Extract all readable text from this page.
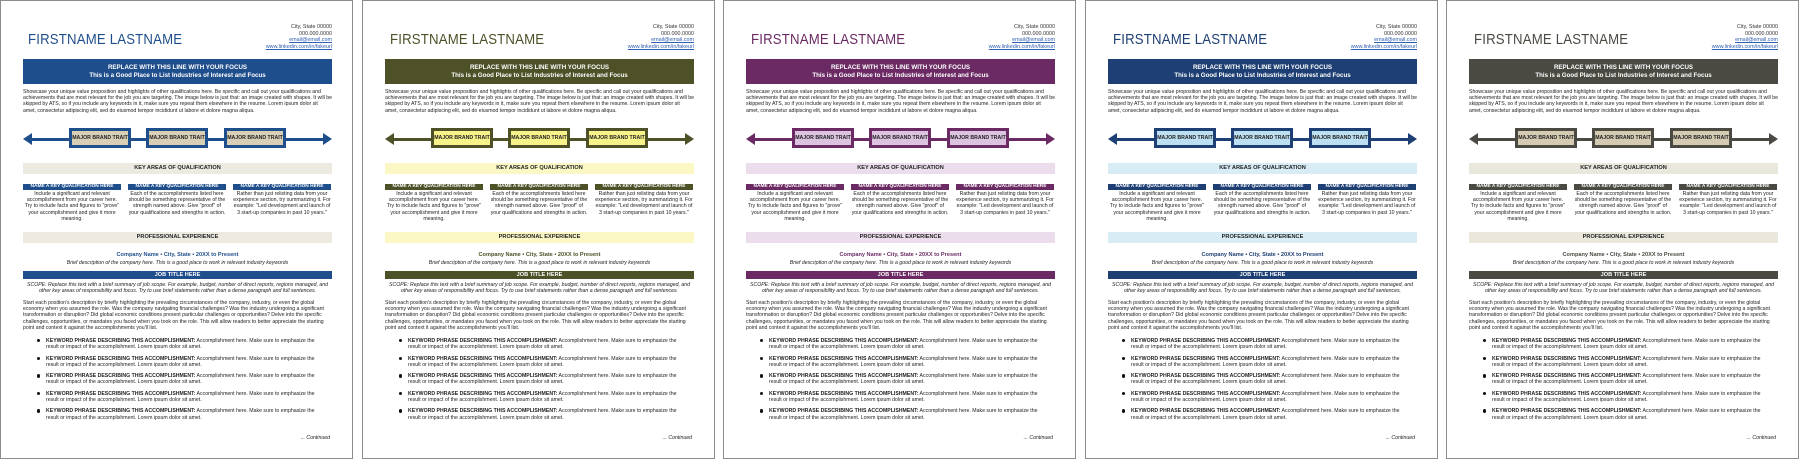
City, State 00000
000.000.0000
email@email.com
www.linkedin.com/in/fakeurl
FIRSTNAME LASTNAME
REPLACE WITH THIS LINE WITH YOUR FOCUS
This is a Good Place to List Industries of Interest and Focus
Showcase your unique value proposition and highlights of other qualifications here. Be specific and call out your qualifications and achievements that are most relevant for the job you are targeting. The image below is just that: an image created with shapes. It will be skipped by ATS, so if you include any keywords in it, make sure you repeat them elsewhere in the resume. Lorem ipsum dolor sit amet, consectetur adipiscing elit, sed do eiusmod tempor incididunt ut labore et dolore magna aliqua.
MAJOR BRAND TRAIT	MAJOR BRAND TRAIT	MAJOR BRAND TRAIT
KEY AREAS OF QUALIFICATION
NAME A KEY QUALIFICATION HERE
Include a significant and relevant accomplishment from your career here. Try to include facts and figures to "prove" your accomplishment and give it more meaning.
NAME A KEY QUALIFICATION HERE
Each of the accomplishments listed here should be something representative of the strength named above. Give "proof" of your qualifications and strengths in action.
NAME A KEY QUALIFICATION HERE
Rather than just relisting data from your experience section, try summarizing it. For example: "Led development and launch of 3 start-up companies in past 10 years."
PROFESSIONAL EXPERIENCE
Company Name • City, State • 20XX to Present
Brief description of the company here. This is a good place to work in relevant industry keywords
JOB TITLE HERE
SCOPE: Replace this text with a brief summary of job scope. For example, budget, number of direct reports, regions managed, and other key areas of responsibility and focus. Try to use brief statements rather than a dense paragraph and full sentences.
Start each position's description by briefly highlighting the prevailing circumstances of the company, industry, or even the global economy when you assumed the role. Was the company navigating financial challenges? Was the industry undergoing a significant transformation or disruption? Did global economic conditions present particular challenges or opportunities? Delve into the specific challenges, opportunities, or mandates you faced when you took on the role. This will allow readers to better appreciate the starting point and context it against the accomplishments you'll list.
KEYWORD PHRASE DESCRIBING THIS ACCOMPLISHMENT: Accomplishment here. Make sure to emphasize the result or impact of the accomplishment. Lorem ipsum dolor sit amet.
KEYWORD PHRASE DESCRIBING THIS ACCOMPLISHMENT: Accomplishment here. Make sure to emphasize the result or impact of the accomplishment. Lorem ipsum dolor sit amet.
KEYWORD PHRASE DESCRIBING THIS ACCOMPLISHMENT: Accomplishment here. Make sure to emphasize the result or impact of the accomplishment. Lorem ipsum dolor sit amet.
KEYWORD PHRASE DESCRIBING THIS ACCOMPLISHMENT: Accomplishment here. Make sure to emphasize the result or impact of the accomplishment. Lorem ipsum dolor sit amet.
KEYWORD PHRASE DESCRIBING THIS ACCOMPLISHMENT: Accomplishment here. Make sure to emphasize the result or impact of the accomplishment. Lorem ipsum dolor sit amet.
... Continued
City, State 00000
000.000.0000
email@email.com
www.linkedin.com/in/fakeurl
FIRSTNAME LASTNAME
REPLACE WITH THIS LINE WITH YOUR FOCUS
This is a Good Place to List Industries of Interest and Focus
Showcase your unique value proposition and highlights of other qualifications here. Be specific and call out your qualifications and achievements that are most relevant for the job you are targeting. The image below is just that: an image created with shapes. It will be skipped by ATS, so if you include any keywords in it, make sure you repeat them elsewhere in the resume. Lorem ipsum dolor sit amet, consectetur adipiscing elit, sed do eiusmod tempor incididunt ut labore et dolore magna aliqua.
MAJOR BRAND TRAIT	MAJOR BRAND TRAIT	MAJOR BRAND TRAIT
KEY AREAS OF QUALIFICATION
NAME A KEY QUALIFICATION HERE
Include a significant and relevant accomplishment from your career here. Try to include facts and figures to "prove" your accomplishment and give it more meaning.
NAME A KEY QUALIFICATION HERE
Each of the accomplishments listed here should be something representative of the strength named above. Give "proof" of your qualifications and strengths in action.
NAME A KEY QUALIFICATION HERE
Rather than just relisting data from your experience section, try summarizing it. For example: "Led development and launch of 3 start-up companies in past 10 years."
PROFESSIONAL EXPERIENCE
Company Name • City, State • 20XX to Present
Brief description of the company here. This is a good place to work in relevant industry keywords
JOB TITLE HERE
SCOPE: Replace this text with a brief summary of job scope. For example, budget, number of direct reports, regions managed, and other key areas of responsibility and focus. Try to use brief statements rather than a dense paragraph and full sentences.
Start each position's description by briefly highlighting the prevailing circumstances of the company, industry, or even the global economy when you assumed the role. Was the company navigating financial challenges? Was the industry undergoing a significant transformation or disruption? Did global economic conditions present particular challenges or opportunities? Delve into the specific challenges, opportunities, or mandates you faced when you took on the role. This will allow readers to better appreciate the starting point and context it against the accomplishments you'll list.
KEYWORD PHRASE DESCRIBING THIS ACCOMPLISHMENT: Accomplishment here. Make sure to emphasize the result or impact of the accomplishment. Lorem ipsum dolor sit amet.
KEYWORD PHRASE DESCRIBING THIS ACCOMPLISHMENT: Accomplishment here. Make sure to emphasize the result or impact of the accomplishment. Lorem ipsum dolor sit amet.
KEYWORD PHRASE DESCRIBING THIS ACCOMPLISHMENT: Accomplishment here. Make sure to emphasize the result or impact of the accomplishment. Lorem ipsum dolor sit amet.
KEYWORD PHRASE DESCRIBING THIS ACCOMPLISHMENT: Accomplishment here. Make sure to emphasize the result or impact of the accomplishment. Lorem ipsum dolor sit amet.
KEYWORD PHRASE DESCRIBING THIS ACCOMPLISHMENT: Accomplishment here. Make sure to emphasize the result or impact of the accomplishment. Lorem ipsum dolor sit amet.
... Continued
City, State 00000
000.000.0000
email@email.com
www.linkedin.com/in/fakeurl
FIRSTNAME LASTNAME
REPLACE WITH THIS LINE WITH YOUR FOCUS
This is a Good Place to List Industries of Interest and Focus
Showcase your unique value proposition and highlights of other qualifications here. Be specific and call out your qualifications and achievements that are most relevant for the job you are targeting. The image below is just that: an image created with shapes. It will be skipped by ATS, so if you include any keywords in it, make sure you repeat them elsewhere in the resume. Lorem ipsum dolor sit amet, consectetur adipiscing elit, sed do eiusmod tempor incididunt ut labore et dolore magna aliqua.
MAJOR BRAND TRAIT	MAJOR BRAND TRAIT	MAJOR BRAND TRAIT
KEY AREAS OF QUALIFICATION
NAME A KEY QUALIFICATION HERE
Include a significant and relevant accomplishment from your career here. Try to include facts and figures to "prove" your accomplishment and give it more meaning.
NAME A KEY QUALIFICATION HERE
Each of the accomplishments listed here should be something representative of the strength named above. Give "proof" of your qualifications and strengths in action.
NAME A KEY QUALIFICATION HERE
Rather than just relisting data from your experience section, try summarizing it. For example: "Led development and launch of 3 start-up companies in past 10 years."
PROFESSIONAL EXPERIENCE
Company Name • City, State • 20XX to Present
Brief description of the company here. This is a good place to work in relevant industry keywords
JOB TITLE HERE
SCOPE: Replace this text with a brief summary of job scope. For example, budget, number of direct reports, regions managed, and other key areas of responsibility and focus. Try to use brief statements rather than a dense paragraph and full sentences.
Start each position's description by briefly highlighting the prevailing circumstances of the company, industry, or even the global economy when you assumed the role. Was the company navigating financial challenges? Was the industry undergoing a significant transformation or disruption? Did global economic conditions present particular challenges or opportunities? Delve into the specific challenges, opportunities, or mandates you faced when you took on the role. This will allow readers to better appreciate the starting point and context it against the accomplishments you'll list.
KEYWORD PHRASE DESCRIBING THIS ACCOMPLISHMENT: Accomplishment here. Make sure to emphasize the result or impact of the accomplishment. Lorem ipsum dolor sit amet.
KEYWORD PHRASE DESCRIBING THIS ACCOMPLISHMENT: Accomplishment here. Make sure to emphasize the result or impact of the accomplishment. Lorem ipsum dolor sit amet.
KEYWORD PHRASE DESCRIBING THIS ACCOMPLISHMENT: Accomplishment here. Make sure to emphasize the result or impact of the accomplishment. Lorem ipsum dolor sit amet.
KEYWORD PHRASE DESCRIBING THIS ACCOMPLISHMENT: Accomplishment here. Make sure to emphasize the result or impact of the accomplishment. Lorem ipsum dolor sit amet.
KEYWORD PHRASE DESCRIBING THIS ACCOMPLISHMENT: Accomplishment here. Make sure to emphasize the result or impact of the accomplishment. Lorem ipsum dolor sit amet.
... Continued
City, State 00000
000.000.0000
email@email.com
www.linkedin.com/in/fakeurl
FIRSTNAME LASTNAME
REPLACE WITH THIS LINE WITH YOUR FOCUS
This is a Good Place to List Industries of Interest and Focus
Showcase your unique value proposition and highlights of other qualifications here. Be specific and call out your qualifications and achievements that are most relevant for the job you are targeting. The image below is just that: an image created with shapes. It will be skipped by ATS, so if you include any keywords in it, make sure you repeat them elsewhere in the resume. Lorem ipsum dolor sit amet, consectetur adipiscing elit, sed do eiusmod tempor incididunt ut labore et dolore magna aliqua.
MAJOR BRAND TRAIT	MAJOR BRAND TRAIT	MAJOR BRAND TRAIT
KEY AREAS OF QUALIFICATION
NAME A KEY QUALIFICATION HERE
Include a significant and relevant accomplishment from your career here. Try to include facts and figures to "prove" your accomplishment and give it more meaning.
NAME A KEY QUALIFICATION HERE
Each of the accomplishments listed here should be something representative of the strength named above. Give "proof" of your qualifications and strengths in action.
NAME A KEY QUALIFICATION HERE
Rather than just relisting data from your experience section, try summarizing it. For example: "Led development and launch of 3 start-up companies in past 10 years."
PROFESSIONAL EXPERIENCE
Company Name • City, State • 20XX to Present
Brief description of the company here. This is a good place to work in relevant industry keywords
JOB TITLE HERE
SCOPE: Replace this text with a brief summary of job scope. For example, budget, number of direct reports, regions managed, and other key areas of responsibility and focus. Try to use brief statements rather than a dense paragraph and full sentences.
Start each position's description by briefly highlighting the prevailing circumstances of the company, industry, or even the global economy when you assumed the role. Was the company navigating financial challenges? Was the industry undergoing a significant transformation or disruption? Did global economic conditions present particular challenges or opportunities? Delve into the specific challenges, opportunities, or mandates you faced when you took on the role. This will allow readers to better appreciate the starting point and context it against the accomplishments you'll list.
KEYWORD PHRASE DESCRIBING THIS ACCOMPLISHMENT: Accomplishment here. Make sure to emphasize the result or impact of the accomplishment. Lorem ipsum dolor sit amet.
KEYWORD PHRASE DESCRIBING THIS ACCOMPLISHMENT: Accomplishment here. Make sure to emphasize the result or impact of the accomplishment. Lorem ipsum dolor sit amet.
KEYWORD PHRASE DESCRIBING THIS ACCOMPLISHMENT: Accomplishment here. Make sure to emphasize the result or impact of the accomplishment. Lorem ipsum dolor sit amet.
KEYWORD PHRASE DESCRIBING THIS ACCOMPLISHMENT: Accomplishment here. Make sure to emphasize the result or impact of the accomplishment. Lorem ipsum dolor sit amet.
KEYWORD PHRASE DESCRIBING THIS ACCOMPLISHMENT: Accomplishment here. Make sure to emphasize the result or impact of the accomplishment. Lorem ipsum dolor sit amet.
... Continued
City, State 00000
000.000.0000
email@email.com
www.linkedin.com/in/fakeurl
FIRSTNAME LASTNAME
REPLACE WITH THIS LINE WITH YOUR FOCUS
This is a Good Place to List Industries of Interest and Focus
Showcase your unique value proposition and highlights of other qualifications here. Be specific and call out your qualifications and achievements that are most relevant for the job you are targeting. The image below is just that: an image created with shapes. It will be skipped by ATS, so if you include any keywords in it, make sure you repeat them elsewhere in the resume. Lorem ipsum dolor sit amet, consectetur adipiscing elit, sed do eiusmod tempor incididunt ut labore et dolore magna aliqua.
MAJOR BRAND TRAIT	MAJOR BRAND TRAIT	MAJOR BRAND TRAIT
KEY AREAS OF QUALIFICATION
NAME A KEY QUALIFICATION HERE
Include a significant and relevant accomplishment from your career here. Try to include facts and figures to "prove" your accomplishment and give it more meaning.
NAME A KEY QUALIFICATION HERE
Each of the accomplishments listed here should be something representative of the strength named above. Give "proof" of your qualifications and strengths in action.
NAME A KEY QUALIFICATION HERE
Rather than just relisting data from your experience section, try summarizing it. For example: "Led development and launch of 3 start-up companies in past 10 years."
PROFESSIONAL EXPERIENCE
Company Name • City, State • 20XX to Present
Brief description of the company here. This is a good place to work in relevant industry keywords
JOB TITLE HERE
SCOPE: Replace this text with a brief summary of job scope. For example, budget, number of direct reports, regions managed, and other key areas of responsibility and focus. Try to use brief statements rather than a dense paragraph and full sentences.
Start each position's description by briefly highlighting the prevailing circumstances of the company, industry, or even the global economy when you assumed the role. Was the company navigating financial challenges? Was the industry undergoing a significant transformation or disruption? Did global economic conditions present particular challenges or opportunities? Delve into the specific challenges, opportunities, or mandates you faced when you took on the role. This will allow readers to better appreciate the starting point and context it against the accomplishments you'll list.
KEYWORD PHRASE DESCRIBING THIS ACCOMPLISHMENT: Accomplishment here. Make sure to emphasize the result or impact of the accomplishment. Lorem ipsum dolor sit amet.
KEYWORD PHRASE DESCRIBING THIS ACCOMPLISHMENT: Accomplishment here. Make sure to emphasize the result or impact of the accomplishment. Lorem ipsum dolor sit amet.
KEYWORD PHRASE DESCRIBING THIS ACCOMPLISHMENT: Accomplishment here. Make sure to emphasize the result or impact of the accomplishment. Lorem ipsum dolor sit amet.
KEYWORD PHRASE DESCRIBING THIS ACCOMPLISHMENT: Accomplishment here. Make sure to emphasize the result or impact of the accomplishment. Lorem ipsum dolor sit amet.
KEYWORD PHRASE DESCRIBING THIS ACCOMPLISHMENT: Accomplishment here. Make sure to emphasize the result or impact of the accomplishment. Lorem ipsum dolor sit amet.
... Continued
